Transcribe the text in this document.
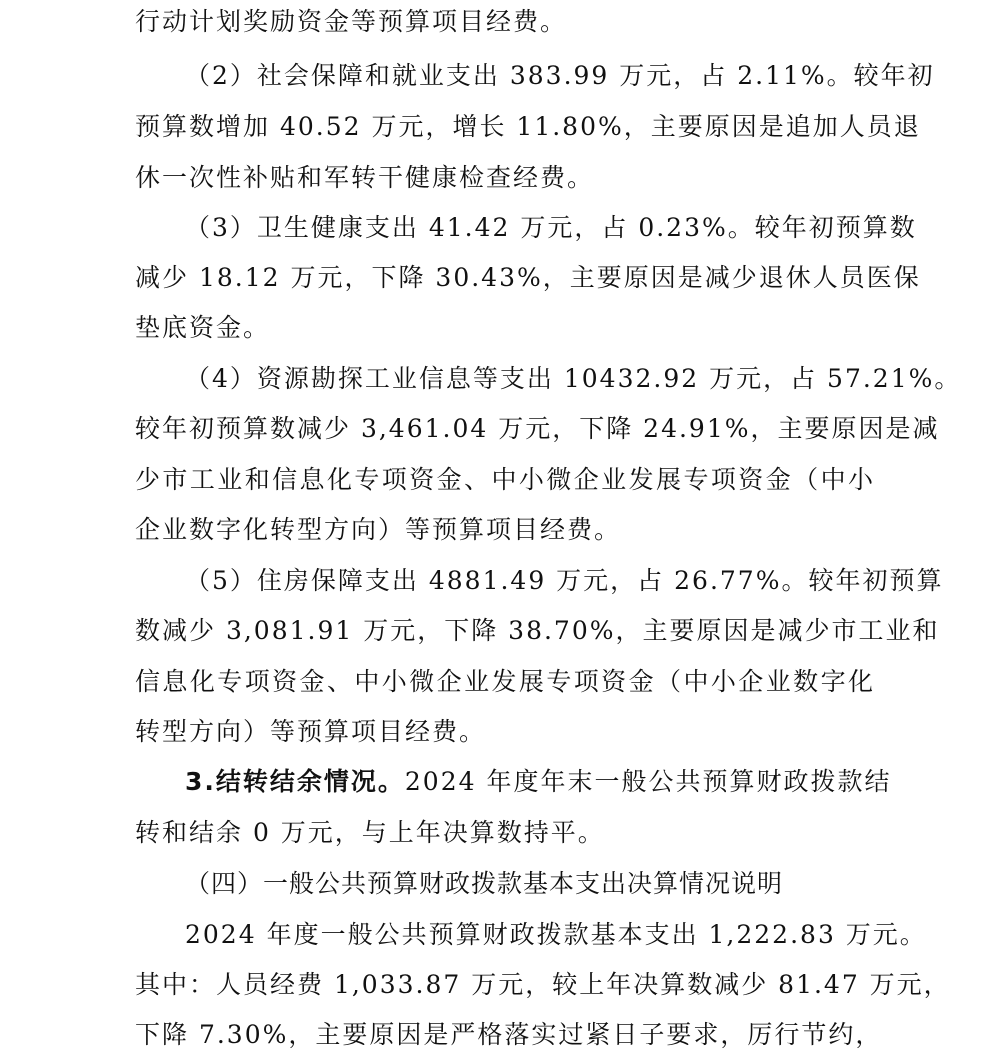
行动计划奖励资金等预算项目经费。
（2）社会保障和就业支出 383.99 万元，占 2.11%。较年初
预算数增加 40.52 万元，增长 11.80%，主要原因是追加人员退
休一次性补贴和军转干健康检查经费。
（3）卫生健康支出 41.42 万元，占 0.23%。较年初预算数
减少 18.12 万元，下降 30.43%，主要原因是减少退休人员医保
垫底资金。
（4）资源勘探工业信息等支出 10432.92 万元，占 57.21%。
较年初预算数减少 3,461.04 万元，下降 24.91%，主要原因是减
少市工业和信息化专项资金、中小微企业发展专项资金（中小
企业数字化转型方向）等预算项目经费。
（5）住房保障支出 4881.49 万元，占 26.77%。较年初预算
数减少 3,081.91 万元，下降 38.70%，主要原因是减少市工业和
信息化专项资金、中小微企业发展专项资金（中小企业数字化
转型方向）等预算项目经费。
3.结转结余情况。2024 年度年末一般公共预算财政拨款结
转和结余 0 万元，与上年决算数持平。
（四）一般公共预算财政拨款基本支出决算情况说明
2024 年度一般公共预算财政拨款基本支出 1,222.83 万元。
其中：人员经费 1,033.87 万元，较上年决算数减少 81.47 万元，
下降 7.30%，主要原因是严格落实过紧日子要求，厉行节约，
